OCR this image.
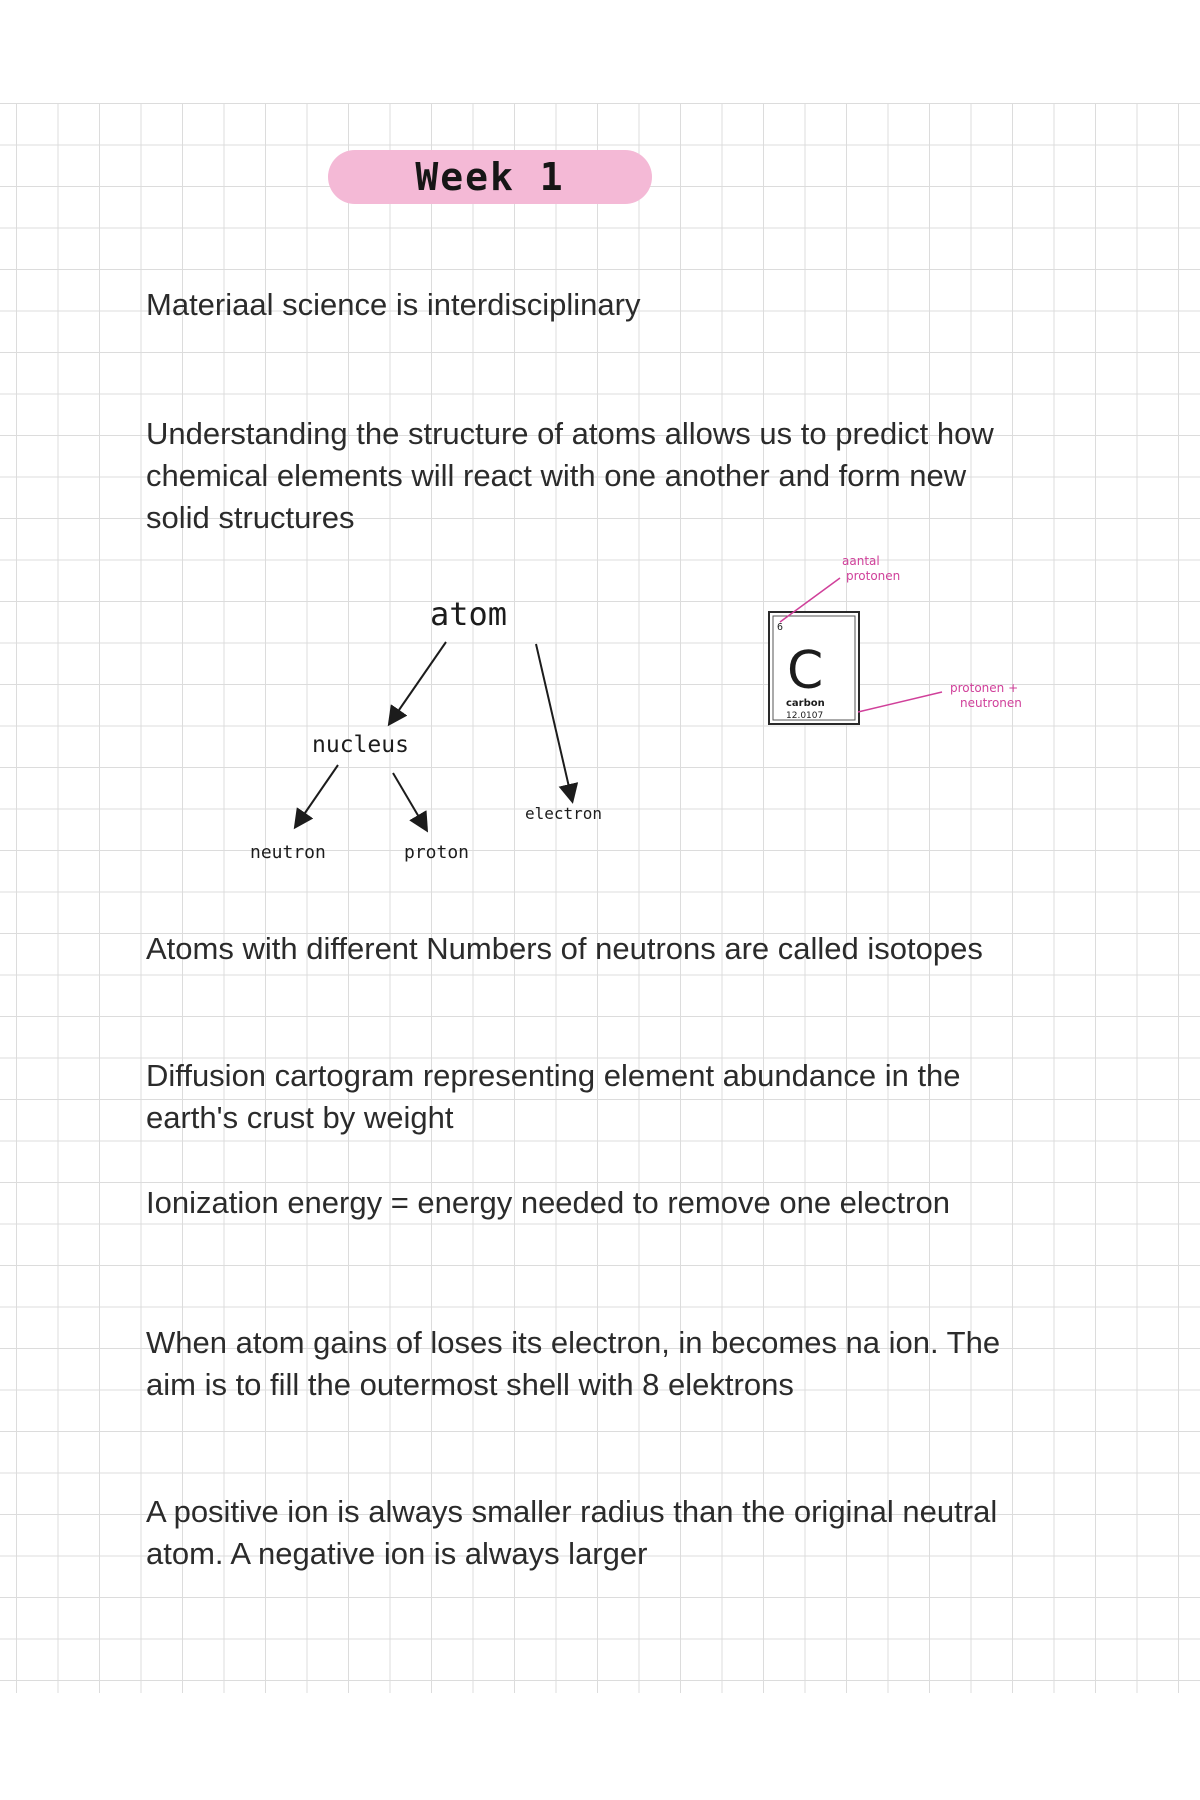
Week 1

Materiaal science is interdisciplinary

Understanding the structure of atoms allows us to predict how chemical elements will react with one another and form new solid structures

atom
nucleus
neutron	proton
electron
6
C
carbon
12.0107
aantal
protonen
protonen +
neutronen

Atoms with different Numbers of neutrons are called isotopes

Diffusion cartogram representing element abundance in the earth's crust by weight

Ionization energy = energy needed to remove one electron

When atom gains of loses its electron, in becomes na ion. The aim is to fill the outermost shell with 8 elektrons

A positive ion is always smaller radius than the original neutral atom. A negative ion is always larger
